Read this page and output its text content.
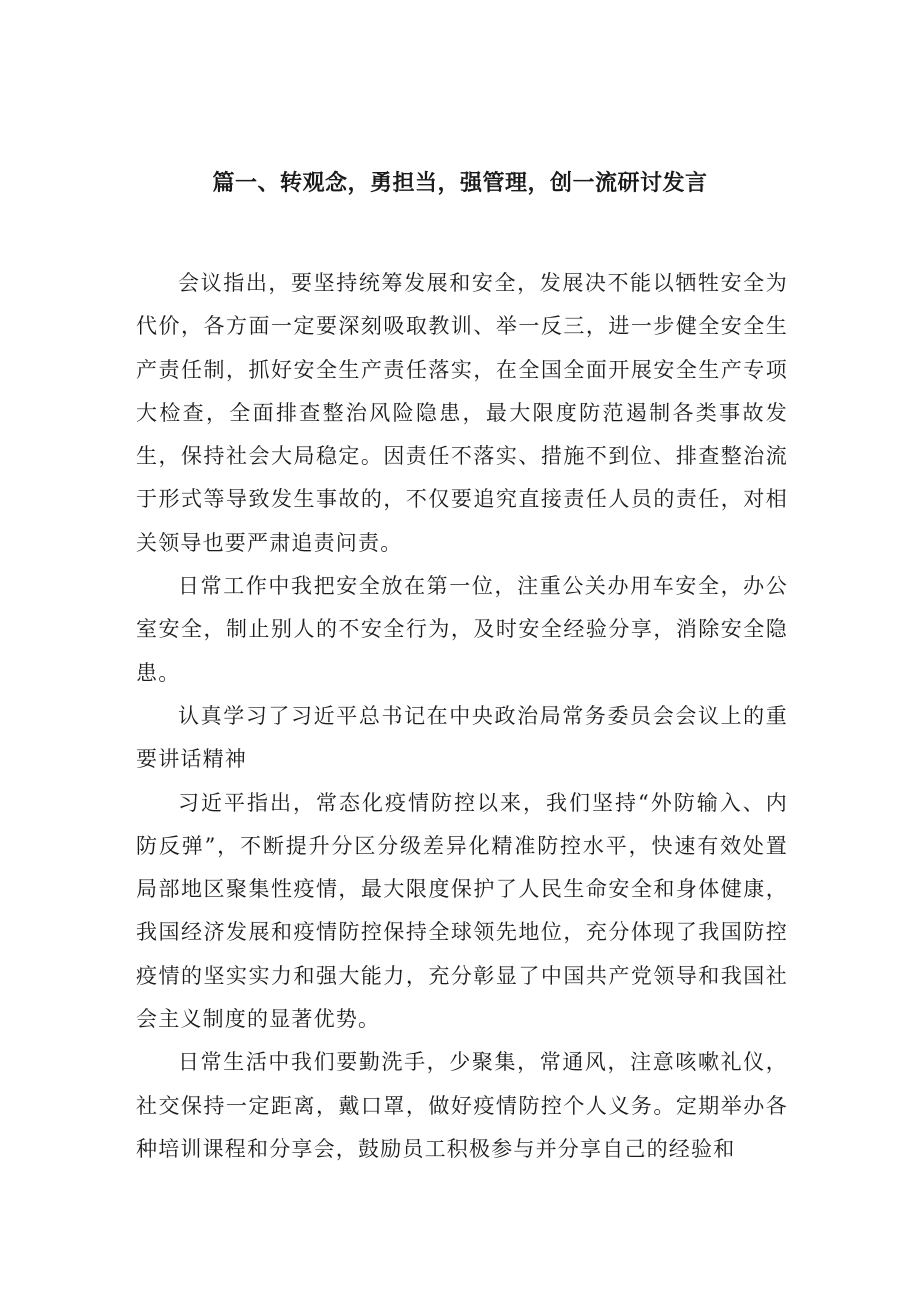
篇一、转观念，勇担当，强管理，创一流研讨发言

会议指出，要坚持统筹发展和安全，发展决不能以牺牲安全为代价，各方面一定要深刻吸取教训、举一反三，进一步健全安全生产责任制，抓好安全生产责任落实，在全国全面开展安全生产专项大检查，全面排查整治风险隐患，最大限度防范遏制各类事故发生，保持社会大局稳定。因责任不落实、措施不到位、排查整治流于形式等导致发生事故的，不仅要追究直接责任人员的责任，对相关领导也要严肃追责问责。

日常工作中我把安全放在第一位，注重公关办用车安全，办公室安全，制止别人的不安全行为，及时安全经验分享，消除安全隐患。

认真学习了习近平总书记在中央政治局常务委员会会议上的重要讲话精神

习近平指出，常态化疫情防控以来，我们坚持“外防输入、内防反弹”，不断提升分区分级差异化精准防控水平，快速有效处置局部地区聚集性疫情，最大限度保护了人民生命安全和身体健康，我国经济发展和疫情防控保持全球领先地位，充分体现了我国防控疫情的坚实实力和强大能力，充分彰显了中国共产党领导和我国社会主义制度的显著优势。

日常生活中我们要勤洗手，少聚集，常通风，注意咳嗽礼仪，社交保持一定距离，戴口罩，做好疫情防控个人义务。定期举办各种培训课程和分享会，鼓励员工积极参与并分享自己的经验和
